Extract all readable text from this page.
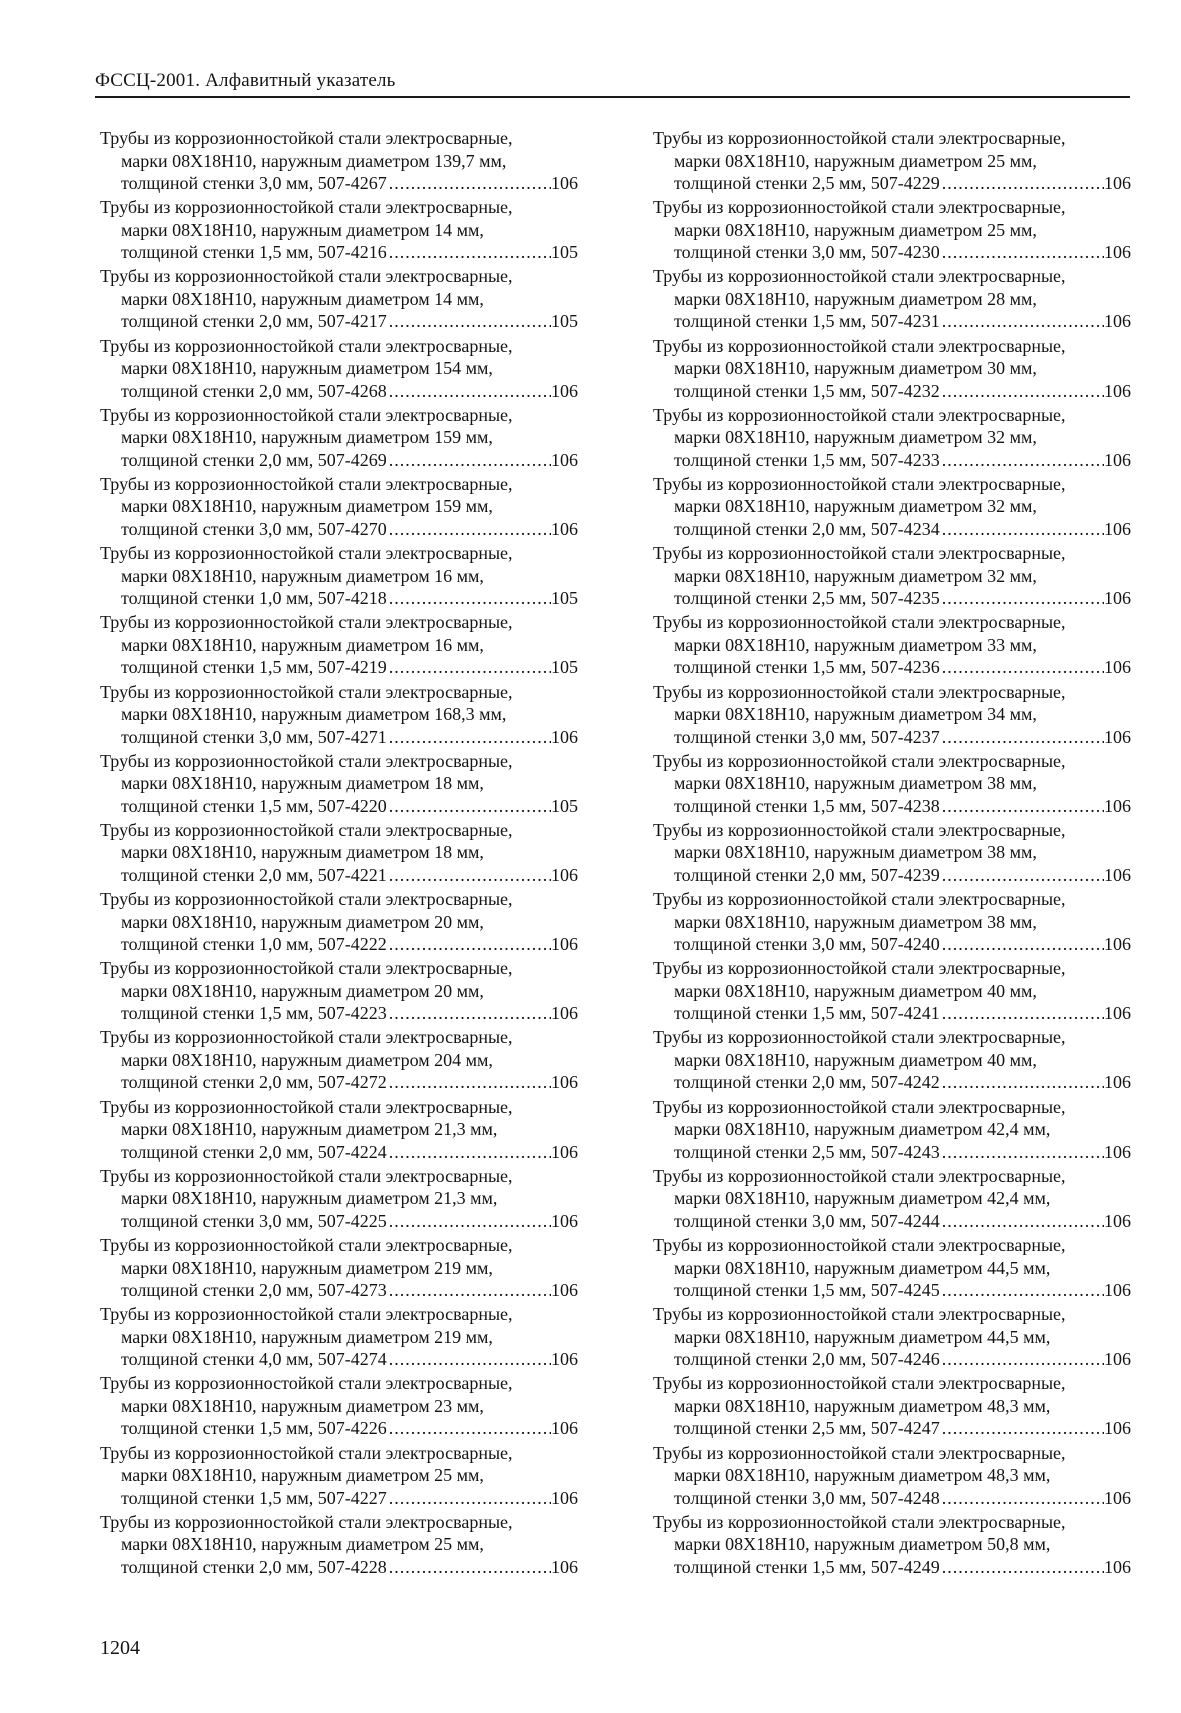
ФССЦ-2001. Алфавитный указатель
Трубы из коррозионностойкой стали электросварные,
марки 08Х18Н10, наружным диаметром 139,7 мм,
толщиной стенки 3,0 мм, 507-4267 .....	106
Трубы из коррозионностойкой стали электросварные,
марки 08Х18Н10, наружным диаметром 14 мм,
толщиной стенки 1,5 мм, 507-4216 .....	105
Трубы из коррозионностойкой стали электросварные,
марки 08Х18Н10, наружным диаметром 14 мм,
толщиной стенки 2,0 мм, 507-4217 .....	105
Трубы из коррозионностойкой стали электросварные,
марки 08Х18Н10, наружным диаметром 154 мм,
толщиной стенки 2,0 мм, 507-4268 .....	106
Трубы из коррозионностойкой стали электросварные,
марки 08Х18Н10, наружным диаметром 159 мм,
толщиной стенки 2,0 мм, 507-4269 .....	106
Трубы из коррозионностойкой стали электросварные,
марки 08Х18Н10, наружным диаметром 159 мм,
толщиной стенки 3,0 мм, 507-4270 .....	106
Трубы из коррозионностойкой стали электросварные,
марки 08Х18Н10, наружным диаметром 16 мм,
толщиной стенки 1,0 мм, 507-4218 .....	105
Трубы из коррозионностойкой стали электросварные,
марки 08Х18Н10, наружным диаметром 16 мм,
толщиной стенки 1,5 мм, 507-4219 .....	105
Трубы из коррозионностойкой стали электросварные,
марки 08Х18Н10, наружным диаметром 168,3 мм,
толщиной стенки 3,0 мм, 507-4271 .....	106
Трубы из коррозионностойкой стали электросварные,
марки 08Х18Н10, наружным диаметром 18 мм,
толщиной стенки 1,5 мм, 507-4220 .....	105
Трубы из коррозионностойкой стали электросварные,
марки 08Х18Н10, наружным диаметром 18 мм,
толщиной стенки 2,0 мм, 507-4221 .....	106
Трубы из коррозионностойкой стали электросварные,
марки 08Х18Н10, наружным диаметром 20 мм,
толщиной стенки 1,0 мм, 507-4222 .....	106
Трубы из коррозионностойкой стали электросварные,
марки 08Х18Н10, наружным диаметром 20 мм,
толщиной стенки 1,5 мм, 507-4223 .....	106
Трубы из коррозионностойкой стали электросварные,
марки 08Х18Н10, наружным диаметром 204 мм,
толщиной стенки 2,0 мм, 507-4272 .....	106
Трубы из коррозионностойкой стали электросварные,
марки 08Х18Н10, наружным диаметром 21,3 мм,
толщиной стенки 2,0 мм, 507-4224 .....	106
Трубы из коррозионностойкой стали электросварные,
марки 08Х18Н10, наружным диаметром 21,3 мм,
толщиной стенки 3,0 мм, 507-4225 .....	106
Трубы из коррозионностойкой стали электросварные,
марки 08Х18Н10, наружным диаметром 219 мм,
толщиной стенки 2,0 мм, 507-4273 .....	106
Трубы из коррозионностойкой стали электросварные,
марки 08Х18Н10, наружным диаметром 219 мм,
толщиной стенки 4,0 мм, 507-4274 .....	106
Трубы из коррозионностойкой стали электросварные,
марки 08Х18Н10, наружным диаметром 23 мм,
толщиной стенки 1,5 мм, 507-4226 .....	106
Трубы из коррозионностойкой стали электросварные,
марки 08Х18Н10, наружным диаметром 25 мм,
толщиной стенки 1,5 мм, 507-4227 .....	106
Трубы из коррозионностойкой стали электросварные,
марки 08Х18Н10, наружным диаметром 25 мм,
толщиной стенки 2,0 мм, 507-4228 .....	106
Трубы из коррозионностойкой стали электросварные,
марки 08Х18Н10, наружным диаметром 25 мм,
толщиной стенки 2,5 мм, 507-4229 .....	106
Трубы из коррозионностойкой стали электросварные,
марки 08Х18Н10, наружным диаметром 25 мм,
толщиной стенки 3,0 мм, 507-4230 .....	106
Трубы из коррозионностойкой стали электросварные,
марки 08Х18Н10, наружным диаметром 28 мм,
толщиной стенки 1,5 мм, 507-4231 .....	106
Трубы из коррозионностойкой стали электросварные,
марки 08Х18Н10, наружным диаметром 30 мм,
толщиной стенки 1,5 мм, 507-4232 .....	106
Трубы из коррозионностойкой стали электросварные,
марки 08Х18Н10, наружным диаметром 32 мм,
толщиной стенки 1,5 мм, 507-4233 .....	106
Трубы из коррозионностойкой стали электросварные,
марки 08Х18Н10, наружным диаметром 32 мм,
толщиной стенки 2,0 мм, 507-4234 .....	106
Трубы из коррозионностойкой стали электросварные,
марки 08Х18Н10, наружным диаметром 32 мм,
толщиной стенки 2,5 мм, 507-4235 .....	106
Трубы из коррозионностойкой стали электросварные,
марки 08Х18Н10, наружным диаметром 33 мм,
толщиной стенки 1,5 мм, 507-4236 .....	106
Трубы из коррозионностойкой стали электросварные,
марки 08Х18Н10, наружным диаметром 34 мм,
толщиной стенки 3,0 мм, 507-4237 .....	106
Трубы из коррозионностойкой стали электросварные,
марки 08Х18Н10, наружным диаметром 38 мм,
толщиной стенки 1,5 мм, 507-4238 .....	106
Трубы из коррозионностойкой стали электросварные,
марки 08Х18Н10, наружным диаметром 38 мм,
толщиной стенки 2,0 мм, 507-4239 .....	106
Трубы из коррозионностойкой стали электросварные,
марки 08Х18Н10, наружным диаметром 38 мм,
толщиной стенки 3,0 мм, 507-4240 .....	106
Трубы из коррозионностойкой стали электросварные,
марки 08Х18Н10, наружным диаметром 40 мм,
толщиной стенки 1,5 мм, 507-4241 .....	106
Трубы из коррозионностойкой стали электросварные,
марки 08Х18Н10, наружным диаметром 40 мм,
толщиной стенки 2,0 мм, 507-4242 .....	106
Трубы из коррозионностойкой стали электросварные,
марки 08Х18Н10, наружным диаметром 42,4 мм,
толщиной стенки 2,5 мм, 507-4243 .....	106
Трубы из коррозионностойкой стали электросварные,
марки 08Х18Н10, наружным диаметром 42,4 мм,
толщиной стенки 3,0 мм, 507-4244 .....	106
Трубы из коррозионностойкой стали электросварные,
марки 08Х18Н10, наружным диаметром 44,5 мм,
толщиной стенки 1,5 мм, 507-4245 .....	106
Трубы из коррозионностойкой стали электросварные,
марки 08Х18Н10, наружным диаметром 44,5 мм,
толщиной стенки 2,0 мм, 507-4246 .....	106
Трубы из коррозионностойкой стали электросварные,
марки 08Х18Н10, наружным диаметром 48,3 мм,
толщиной стенки 2,5 мм, 507-4247 .....	106
Трубы из коррозионностойкой стали электросварные,
марки 08Х18Н10, наружным диаметром 48,3 мм,
толщиной стенки 3,0 мм, 507-4248 .....	106
Трубы из коррозионностойкой стали электросварные,
марки 08Х18Н10, наружным диаметром 50,8 мм,
толщиной стенки 1,5 мм, 507-4249 .....	106
1204
